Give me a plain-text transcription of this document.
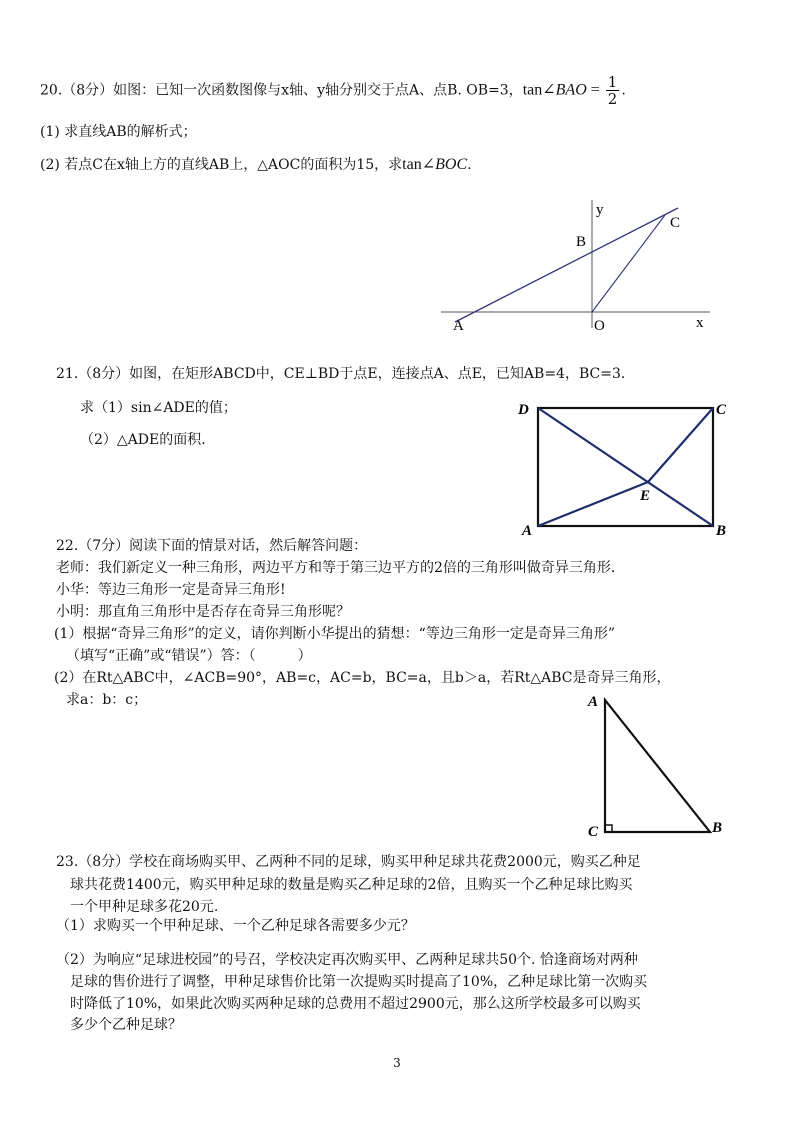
20.（8分）如图：已知一次函数图像与x轴、y轴分别交于点A、点B. OB=3，tan∠BAO = $\frac{1}{2}$ .
(1) 求直线AB的解析式；
(2) 若点C在x轴上方的直线AB上，△AOC的面积为15，求tan∠BOC.
A
B
C
O	x
y
21.（8分）如图，在矩形ABCD中，CE⊥BD于点E，连接点A、点E，已知AB=4，BC=3.
求（1）sin∠ADE的值；
（2）△ADE的面积.
D	C
A	B
E
22.（7分）阅读下面的情景对话，然后解答问题：
老师：我们新定义一种三角形，两边平方和等于第三边平方的2倍的三角形叫做奇异三角形.
小华：等边三角形一定是奇异三角形!
小明：那直角三角形中是否存在奇异三角形呢？
(1）根据“奇异三角形”的定义，请你判断小华提出的猜想：“等边三角形一定是奇异三角形”
（填写“正确”或“错误”）答：（　　　）
(2）在Rt△ABC中，∠ACB=90°，AB=c，AC=b，BC=a，且b＞a，若Rt△ABC是奇异三角形，
求a：b：c；	A
C	B
23.（8分）学校在商场购买甲、乙两种不同的足球，购买甲种足球共花费2000元，购买乙种足
球共花费1400元，购买甲种足球的数量是购买乙种足球的2倍，且购买一个乙种足球比购买
一个甲种足球多花20元.
（1）求购买一个甲种足球、一个乙种足球各需要多少元？
（2）为响应“足球进校园”的号召，学校决定再次购买甲、乙两种足球共50个. 恰逢商场对两种
足球的售价进行了调整，甲种足球售价比第一次提购买时提高了10%，乙种足球比第一次购买
时降低了10%，如果此次购买两种足球的总费用不超过2900元，那么这所学校最多可以购买
多少个乙种足球？
3
